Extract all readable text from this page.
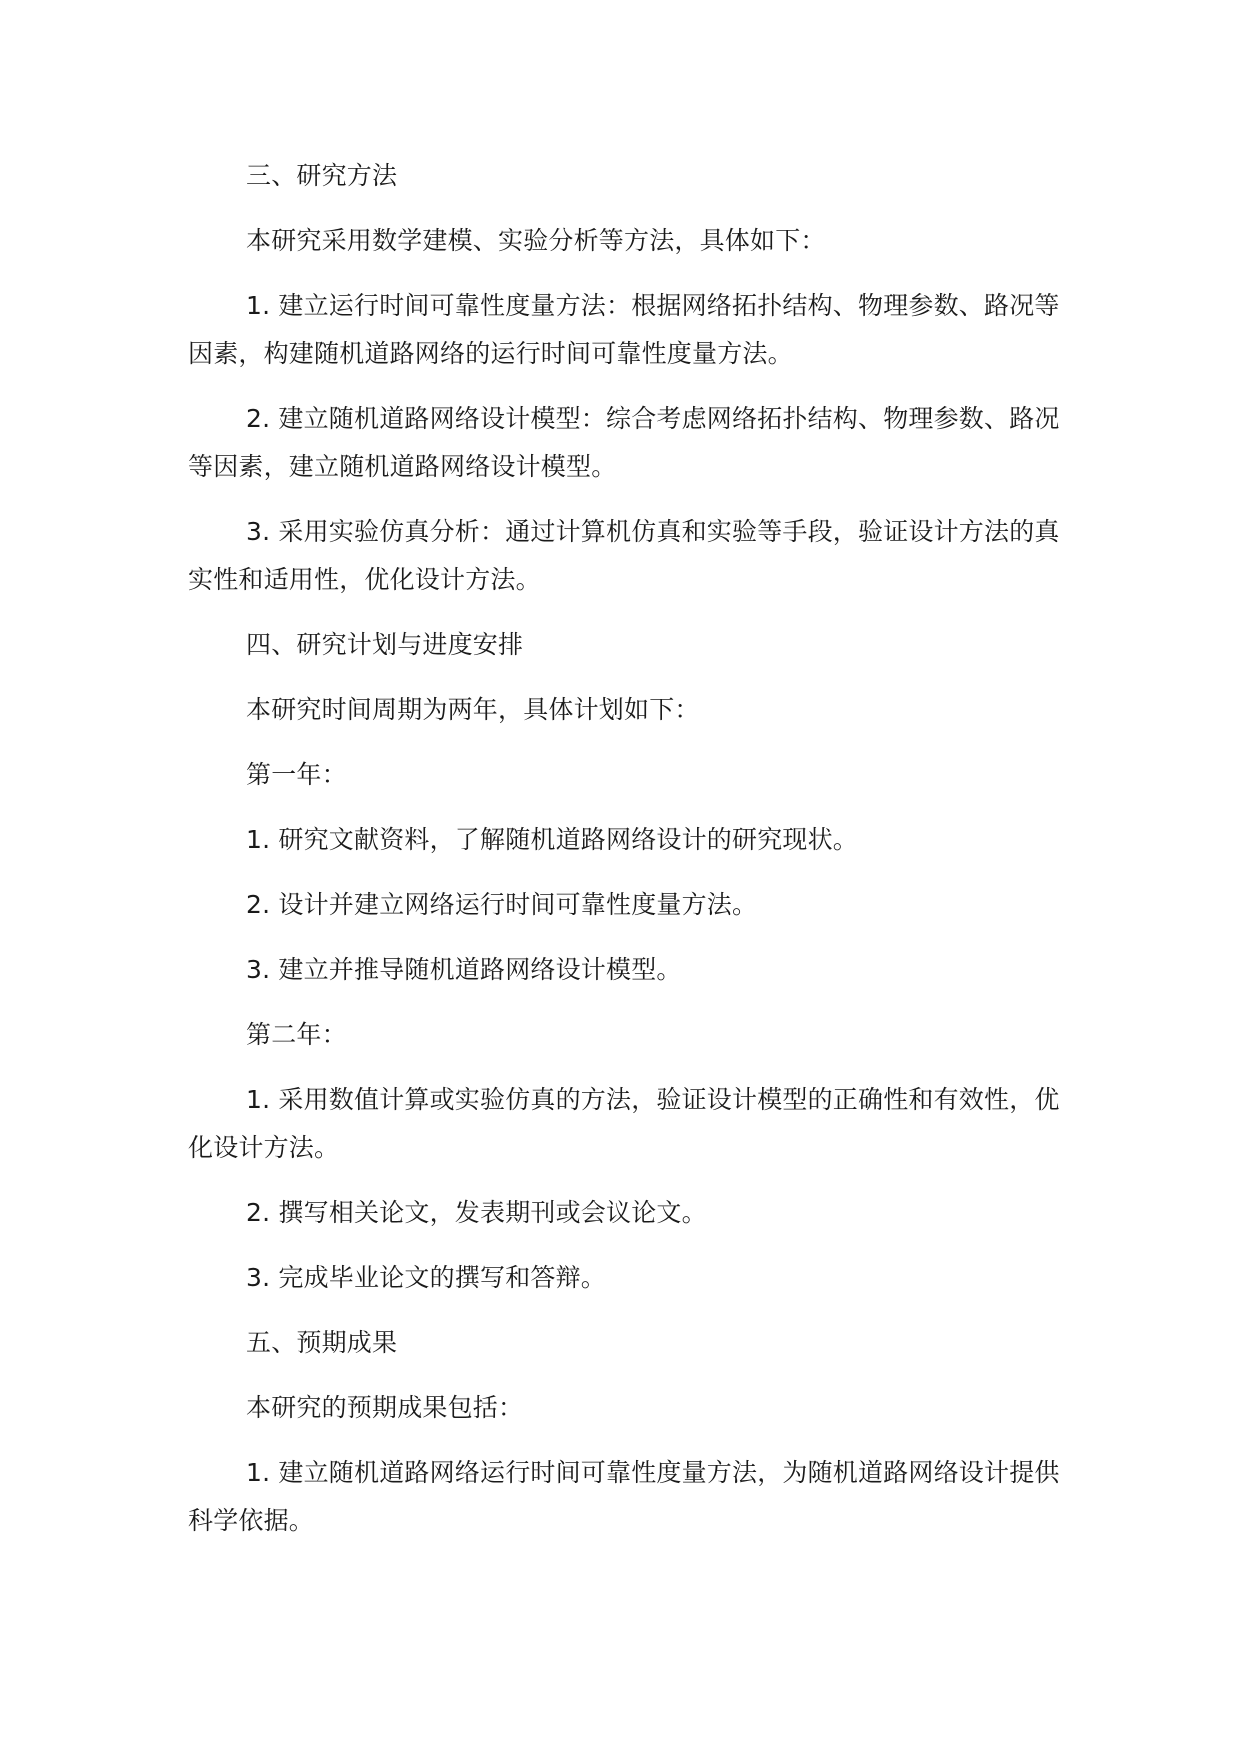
三、研究方法

本研究采用数学建模、实验分析等方法，具体如下：

1. 建立运行时间可靠性度量方法：根据网络拓扑结构、物理参数、路况等因素，构建随机道路网络的运行时间可靠性度量方法。

2. 建立随机道路网络设计模型：综合考虑网络拓扑结构、物理参数、路况等因素，建立随机道路网络设计模型。

3. 采用实验仿真分析：通过计算机仿真和实验等手段，验证设计方法的真实性和适用性，优化设计方法。

四、研究计划与进度安排

本研究时间周期为两年，具体计划如下：

第一年：

1. 研究文献资料，了解随机道路网络设计的研究现状。

2. 设计并建立网络运行时间可靠性度量方法。

3. 建立并推导随机道路网络设计模型。

第二年：

1. 采用数值计算或实验仿真的方法，验证设计模型的正确性和有效性，优化设计方法。

2. 撰写相关论文，发表期刊或会议论文。

3. 完成毕业论文的撰写和答辩。

五、预期成果

本研究的预期成果包括：

1. 建立随机道路网络运行时间可靠性度量方法，为随机道路网络设计提供科学依据。
